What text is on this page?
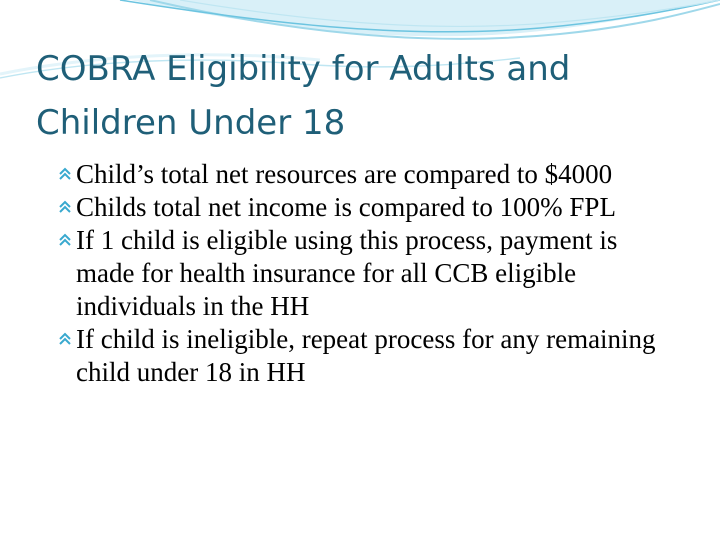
COBRA Eligibility for Adults and
Children Under 18
Child’s total net resources are compared to $4000
Childs total net income is compared to 100% FPL
If 1 child is eligible using this process, payment is made for health insurance for all CCB eligible individuals in the HH
If child is ineligible, repeat process for any remaining child under 18 in HH
